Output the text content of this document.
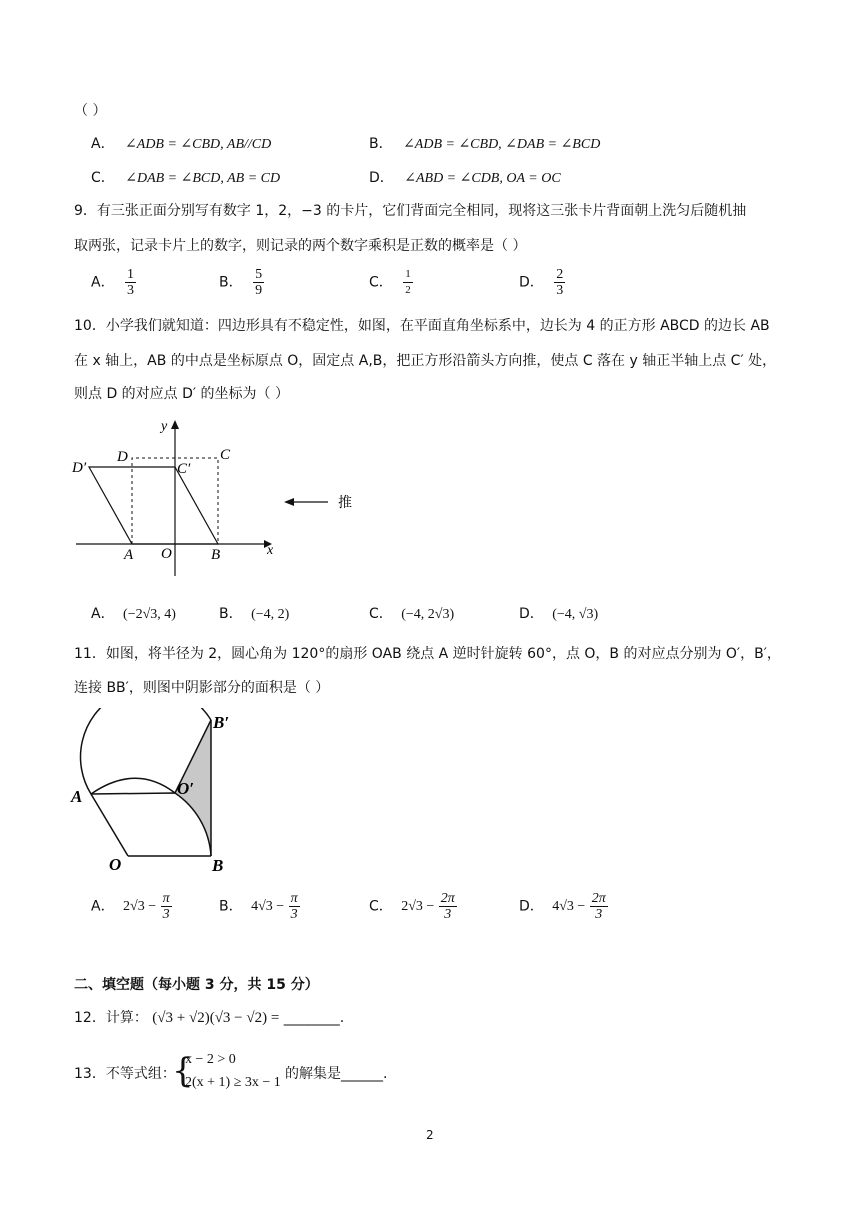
（ ）
A． ∠ADB = ∠CBD, AB//CD	B． ∠ADB = ∠CBD, ∠DAB = ∠BCD
C． ∠DAB = ∠BCD, AB = CD	D． ∠ABD = ∠CDB, OA = OC
9．有三张正面分别写有数字 1，2，−3 的卡片，它们背面完全相同，现将这三张卡片背面朝上洗匀后随机抽
取两张，记录卡片上的数字，则记录的两个数字乘积是正数的概率是（ ）
A． $\frac{1}{3}$	B． $\frac{5}{9}$	C． $\frac{1}{2}$	D． $\frac{2}{3}$
10．小学我们就知道：四边形具有不稳定性，如图，在平面直角坐标系中，边长为 4 的正方形 ABCD 的边长 AB
在 x 轴上，AB 的中点是坐标原点 O，固定点 A,B，把正方形沿箭头方向推，使点 C 落在 y 轴正半轴上点 C′ 处，
则点 D 的对应点 D′ 的坐标为（ ）
D′
D
C′
C
A O	B	x
y
推
A． (−2√3, 4)	B． (−4, 2)	C． (−4, 2√3)	D． (−4, √3)
11．如图，将半径为 2，圆心角为 120°的扇形 OAB 绕点 A 逆时针旋转 60°，点 O，B 的对应点分别为 O′，B′，
连接 BB′，则图中阴影部分的面积是（ ）
B′
A	O′
O	B
A． $2√3 - \frac{\pi}{3}$	B． $4√3 - \frac{\pi}{3}$	C． $2√3 - \frac{2\pi}{3}$	D． $4√3 - \frac{2\pi}{3}$
二、填空题（每小题 3 分，共 15 分）
12．计算： (√3 + √2)(√3 − √2) = ________.
13．不等式组：
{
x − 2 > 0
2(x + 1) ≥ 3x − 1
的解集是______.
2
